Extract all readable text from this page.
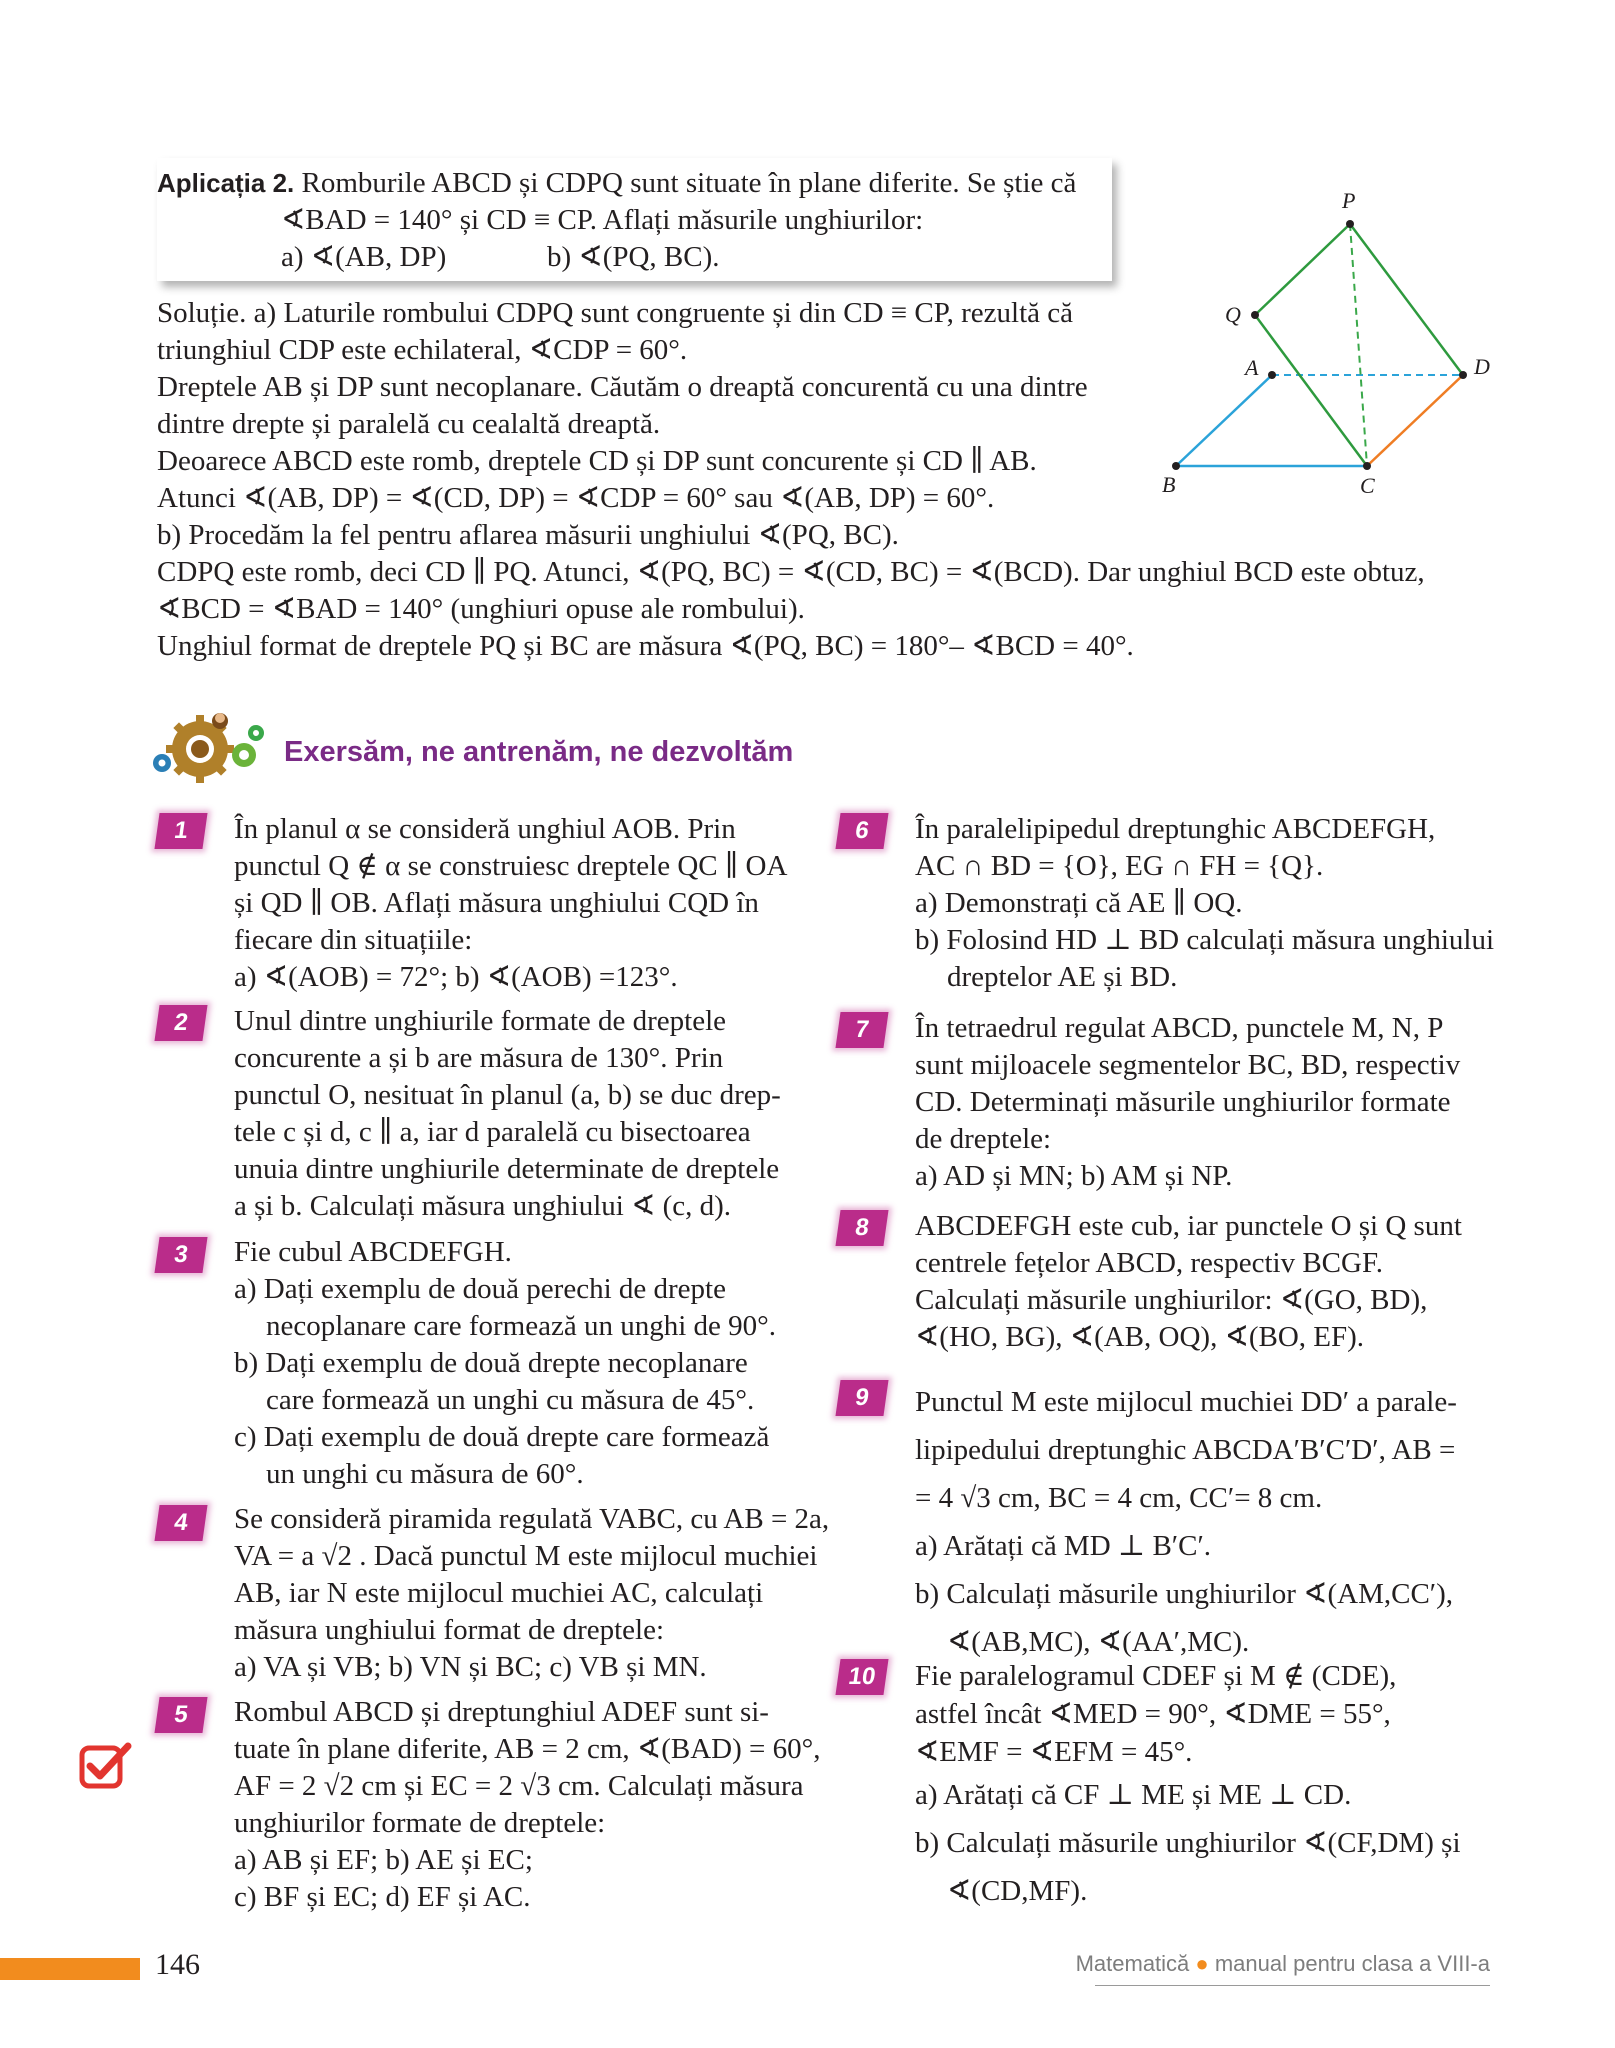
Aplicația 2. Romburile ABCD și CDPQ sunt situate în plane diferite. Se știe că

∢BAD = 140° și CD ≡ CP. Aflați măsurile unghiurilor:

a) ∢(AB, DP)	b) ∢(PQ, BC).

Soluție. a) Laturile rombului CDPQ sunt congruente și din CD ≡ CP, rezultă că

triunghiul CDP este echilateral, ∢CDP = 60°.

Dreptele AB și DP sunt necoplanare. Căutăm o dreaptă concurentă cu una dintre

dintre drepte și paralelă cu cealaltă dreaptă.

Deoarece ABCD este romb, dreptele CD și DP sunt concurente și CD ∥ AB.

Atunci ∢(AB, DP) = ∢(CD, DP) = ∢CDP = 60° sau ∢(AB, DP) = 60°.

b) Procedăm la fel pentru aflarea măsurii unghiului ∢(PQ, BC).

CDPQ este romb, deci CD ∥ PQ. Atunci, ∢(PQ, BC) = ∢(CD, BC) = ∢(BCD). Dar unghiul BCD este obtuz,

∢BCD = ∢BAD = 140° (unghiuri opuse ale rombului).

Unghiul format de dreptele PQ și BC are măsura ∢(PQ, BC) = 180°– ∢BCD = 40°.

P
Q
A	D
B	C
Exersăm, ne antrenăm, ne dezvoltăm
1	În planul α se consideră unghiul AOB. Prin

punctul Q ∉ α se construiesc dreptele QC ∥ OA

și QD ∥ OB. Aflați măsura unghiului CQD în

fiecare din situațiile:

a) ∢(AOB) = 72°; b) ∢(AOB) =123°.

2	Unul dintre unghiurile formate de dreptele

concurente a și b are măsura de 130°. Prin

punctul O, nesituat în planul (a, b) se duc drep-

tele c și d, c ∥ a, iar d paralelă cu bisectoarea

unuia dintre unghiurile determinate de dreptele

a și b. Calculați măsura unghiului ∢ (c, d).

3	Fie cubul ABCDEFGH.

a) Dați exemplu de două perechi de drepte

necoplanare care formează un unghi de 90°.

b) Dați exemplu de două drepte necoplanare

care formează un unghi cu măsura de 45°.

c) Dați exemplu de două drepte care formează

un unghi cu măsura de 60°.

4	Se consideră piramida regulată VABC, cu AB = 2a,

VA = a √2 . Dacă punctul M este mijlocul muchiei

AB, iar N este mijlocul muchiei AC, calculați

măsura unghiului format de dreptele:

a) VA și VB; b) VN și BC; c) VB și MN.

5	Rombul ABCD și dreptunghiul ADEF sunt si-

tuate în plane diferite, AB = 2 cm, ∢(BAD) = 60°,

AF = 2 √2 cm și EC = 2 √3 cm. Calculați măsura

unghiurilor formate de dreptele:

a) AB și EF; b) AE și EC;

c) BF și EC; d) EF și AC.

6	În paralelipipedul dreptunghic ABCDEFGH,

AC ∩ BD = {O}, EG ∩ FH = {Q}.

a) Demonstrați că AE ∥ OQ.

b) Folosind HD ⊥ BD calculați măsura unghiului

dreptelor AE și BD.

7	În tetraedrul regulat ABCD, punctele M, N, P

sunt mijloacele segmentelor BC, BD, respectiv

CD. Determinați măsurile unghiurilor formate

de dreptele:

a) AD și MN; b) AM și NP.

8	ABCDEFGH este cub, iar punctele O și Q sunt

centrele fețelor ABCD, respectiv BCGF.

Calculați măsurile unghiurilor: ∢(GO, BD),

∢(HO, BG), ∢(AB, OQ), ∢(BO, EF).

9	Punctul M este mijlocul muchiei DD′ a parale-

lipipedului dreptunghic ABCDA′B′C′D′, AB =

= 4 √3 cm, BC = 4 cm, CC′= 8 cm.

a) Arătați că MD ⊥ B′C′.

b) Calculați măsurile unghiurilor ∢(AM,CC′),

∢(AB,MC), ∢(AA′,MC).

10	Fie paralelogramul CDEF și M ∉ (CDE),

astfel încât ∢MED = 90°, ∢DME = 55°,

∢EMF = ∢EFM = 45°.

a) Arătați că CF ⊥ ME și ME ⊥ CD.

b) Calculați măsurile unghiurilor ∢(CF,DM) și

∢(CD,MF).

146	Matematică ● manual pentru clasa a VIII-a
